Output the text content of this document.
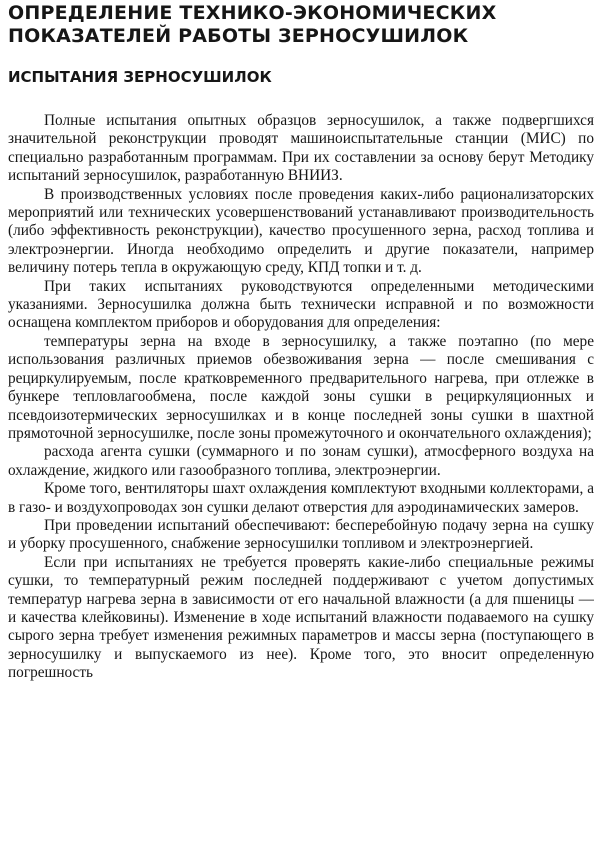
ОПРЕДЕЛЕНИЕ ТЕХНИКО-ЭКОНОМИЧЕСКИХ
ПОКАЗАТЕЛЕЙ РАБОТЫ ЗЕРНОСУШИЛОК
ИСПЫТАНИЯ ЗЕРНОСУШИЛОК

Полные испытания опытных образцов зерносушилок, а также подвергшихся значительной реконструкции проводят машиноиспытательные станции (МИС) по специально разработанным программам. При их составлении за основу берут Методику испытаний зерносушилок, разработанную ВНИИЗ.

В производственных условиях после проведения каких-либо рационализаторских мероприятий или технических усовершенствований устанавливают производительность (либо эффективность реконструкции), качество просушенного зерна, расход топлива и электроэнергии. Иногда необходимо определить и другие показатели, например величину потерь тепла в окружающую среду, КПД топки и т. д.

При таких испытаниях руководствуются определенными методическими указаниями. Зерносушилка должна быть технически исправной и по возможности оснащена комплектом приборов и оборудования для определения:

температуры зерна на входе в зерносушилку, а также поэтапно (по мере использования различных приемов обезвоживания зерна — после смешивания с рециркулируемым, после кратковременного предварительного нагрева, при отлежке в бункере тепловлагообмена, после каждой зоны сушки в рециркуляционных и псевдоизотермических зерносушилках и в конце последней зоны сушки в шахтной прямоточной зерносушилке, после зоны промежуточного и окончательного охлаждения);

расхода агента сушки (суммарного и по зонам сушки), атмосферного воздуха на охлаждение, жидкого или газообразного топлива, электроэнергии.

Кроме того, вентиляторы шахт охлаждения комплектуют входными коллекторами, а в газо- и воздухопроводах зон сушки делают отверстия для аэродинамических замеров.

При проведении испытаний обеспечивают: бесперебойную подачу зерна на сушку и уборку просушенного, снабжение зерносушилки топливом и электроэнергией.

Если при испытаниях не требуется проверять какие-либо специальные режимы сушки, то температурный режим последней поддерживают с учетом допустимых температур нагрева зерна в зависимости от его начальной влажности (а для пшеницы — и качества клейковины). Изменение в ходе испытаний влажности подаваемого на сушку сырого зерна требует изменения режимных параметров и массы зерна (поступающего в зерносушилку и выпускаемого из нее). Кроме того, это вносит определенную погрешность
